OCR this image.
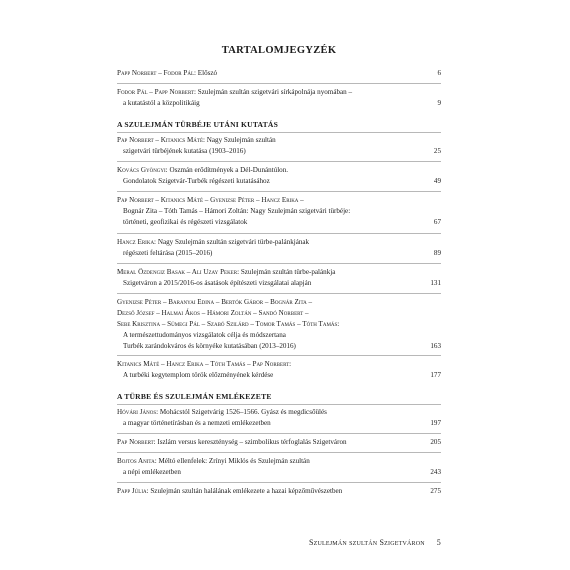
TARTALOMJEGYZÉK
Papp Norbert – Fodor Pál: Előszó	6
Fodor Pál – Papp Norbert: Szulejmán szultán szigetvári sírkápolnája nyomában –
a kutatástól a közpolitikáig	9
A SZULEJMÁN TÜRBÉJE UTÁNI KUTATÁS
Pap Norbert – Kitanics Máté: Nagy Szulejmán szultán
szigetvári türbéjének kutatása (1903–2016)	25
Kovács Gyöngyi: Oszmán erődítmények a Dél-Dunántúlon.
Gondolatok Szigetvár-Turbék régészeti kutatásához	49
Pap Norbert – Kitanics Máté – Gyenizse Péter – Hancz Erika –
Bognár Zita – Tóth Tamás – Hámori Zoltán: Nagy Szulejmán szigetvári türbéje:
történeti, geofizikai és régészeti vizsgálatok	67
Hancz Erika: Nagy Szulejmán szultán szigetvári türbe-palánkjának
régészeti feltárása (2015–2016)	89
Meral Özdengiz Basak – Ali Uzay Peker: Szulejmán szultán türbe-palánkja
Szigetváron a 2015/2016-os ásatások építészeti vizsgálatai alapján	131
Gyenizse Péter – Baranyai Edina – Bertók Gábor – Bognár Zita –
Dezső József – Halmai Ákos – Hámori Zoltán – Sandó Norbert –
Sebe Krisztina – Sümegi Pál – Szabó Szilárd – Tomor Tamás – Tóth Tamás:
A természettudományos vizsgálatok célja és módszertana
Turbék zarándokváros és környéke kutatásában (2013–2016)	163
Kitanics Máté – Hancz Erika – Tóth Tamás – Pap Norbert:
A turbéki kegytemplom török előzményének kérdése	177
A TÜRBE ÉS SZULEJMÁN EMLÉKEZETE
Hóvári János: Mohácstól Szigetvárig 1526–1566. Gyász és megdicsőülés
a magyar történetírásban és a nemzeti emlékezetben	197
Pap Norbert: Iszlám versus kereszténység – szimbolikus térfoglalás Szigetváron	205
Bojtos Anita: Méltó ellenfelek: Zrínyi Miklós és Szulejmán szultán
a népi emlékezetben	243
Papp Júlia: Szulejmán szultán halálának emlékezete a hazai képzőművészetben	275
Szulejmán szultán Szigetváron 5
